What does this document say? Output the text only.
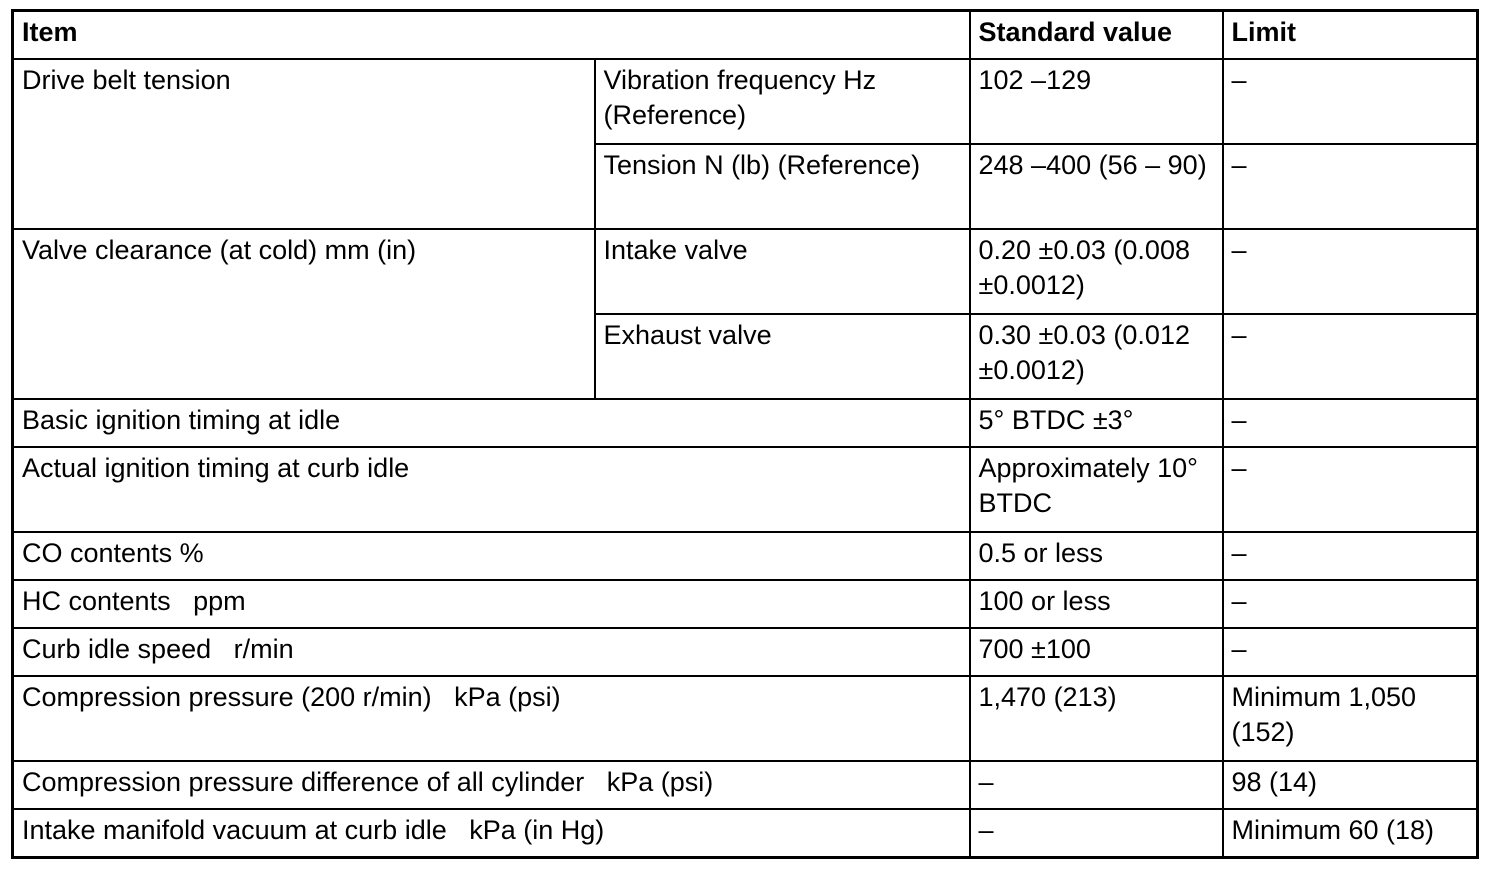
Item		Standard value	Limit
Drive belt tension	Vibration frequency Hz (Reference)	102 –129	–
	Tension N (lb) (Reference)	248 –400 (56 – 90)	–
Valve clearance (at cold) mm (in)	Intake valve	0.20 ±0.03 (0.008 ±0.0012)	–
	Exhaust valve	0.30 ±0.03 (0.012 ±0.0012)	–
Basic ignition timing at idle		5° BTDC ±3°	–
Actual ignition timing at curb idle		Approximately 10° BTDC	–
CO contents %		0.5 or less	–
HC contents   ppm		100 or less	–
Curb idle speed   r/min		700 ±100	–
Compression pressure (200 r/min)   kPa (psi)		1,470 (213)	Minimum 1,050 (152)
Compression pressure difference of all cylinder   kPa (psi)		–	98 (14)
Intake manifold vacuum at curb idle   kPa (in Hg)		–	Minimum 60 (18)
